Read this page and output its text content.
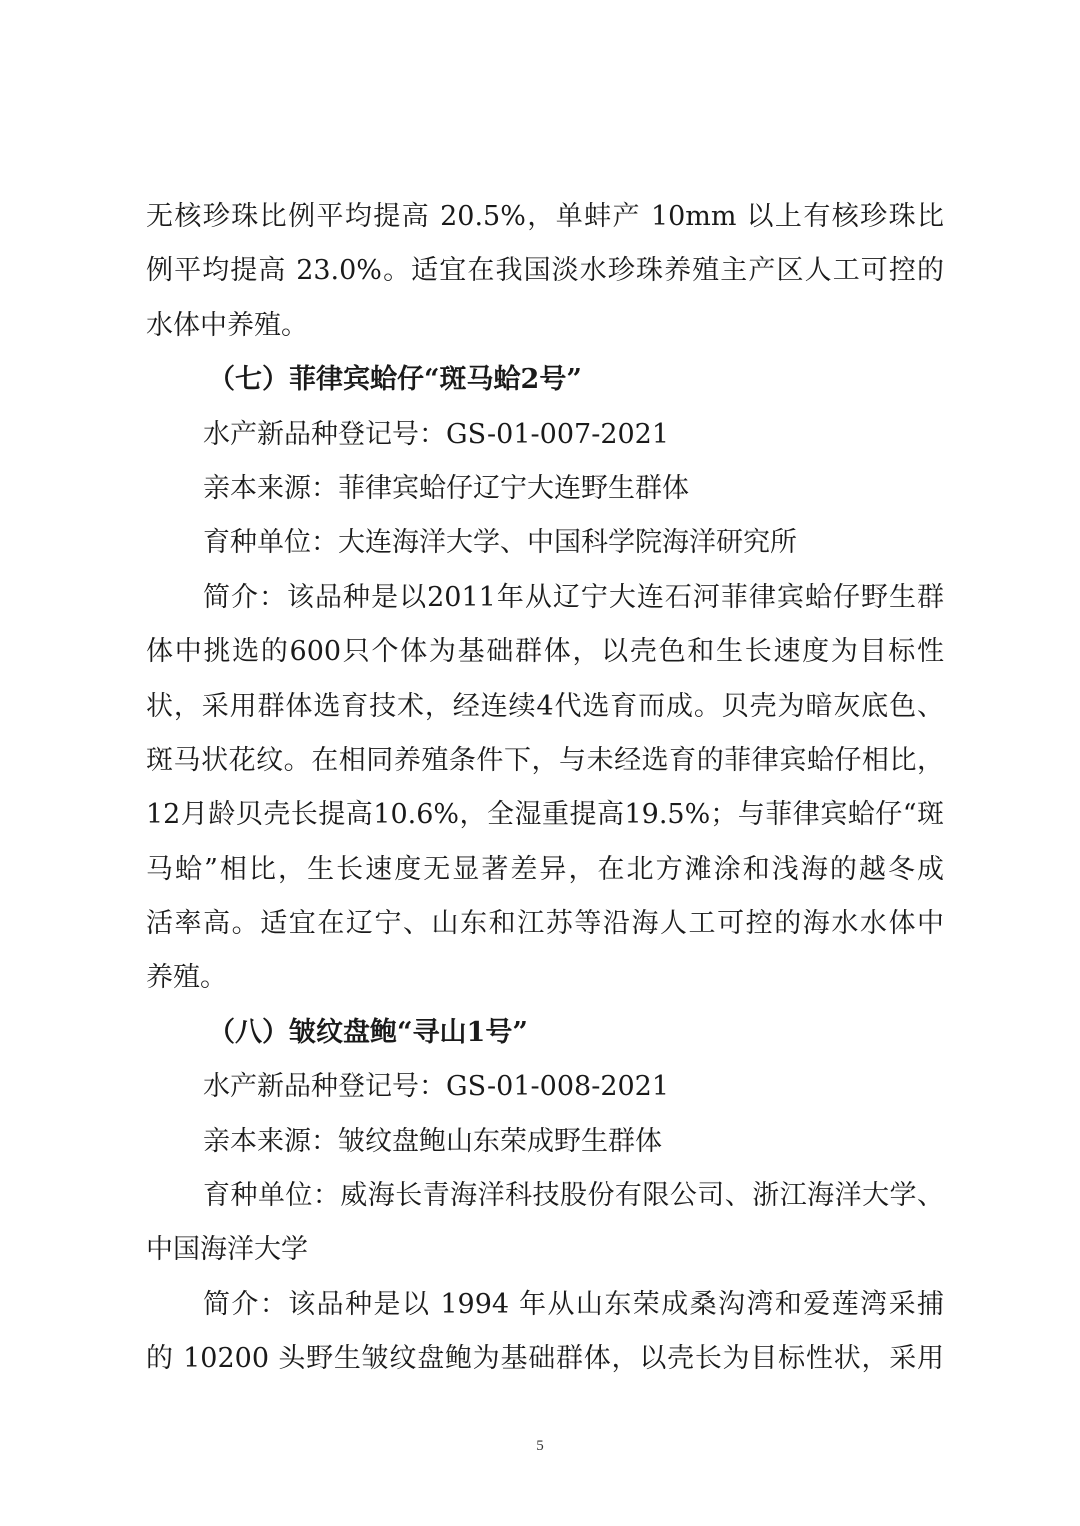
无核珍珠比例平均提高 20.5%，单蚌产 10mm 以上有核珍珠比
例平均提高 23.0%。适宜在我国淡水珍珠养殖主产区人工可控的
水体中养殖。
（七）菲律宾蛤仔“斑马蛤2号”
水产新品种登记号：GS-01-007-2021
亲本来源：菲律宾蛤仔辽宁大连野生群体
育种单位：大连海洋大学、中国科学院海洋研究所
简介：该品种是以2011年从辽宁大连石河菲律宾蛤仔野生群
体中挑选的600只个体为基础群体，以壳色和生长速度为目标性
状，采用群体选育技术，经连续4代选育而成。贝壳为暗灰底色、
斑马状花纹。在相同养殖条件下，与未经选育的菲律宾蛤仔相比，
12月龄贝壳长提高10.6%，全湿重提高19.5%；与菲律宾蛤仔“斑
马蛤”相比，生长速度无显著差异，在北方滩涂和浅海的越冬成
活率高。适宜在辽宁、山东和江苏等沿海人工可控的海水水体中
养殖。
（八）皱纹盘鲍“寻山1号”
水产新品种登记号：GS-01-008-2021
亲本来源：皱纹盘鲍山东荣成野生群体
育种单位：威海长青海洋科技股份有限公司、浙江海洋大学、
中国海洋大学
简介：该品种是以 1994 年从山东荣成桑沟湾和爱莲湾采捕
的 10200 头野生皱纹盘鲍为基础群体，以壳长为目标性状，采用
5
